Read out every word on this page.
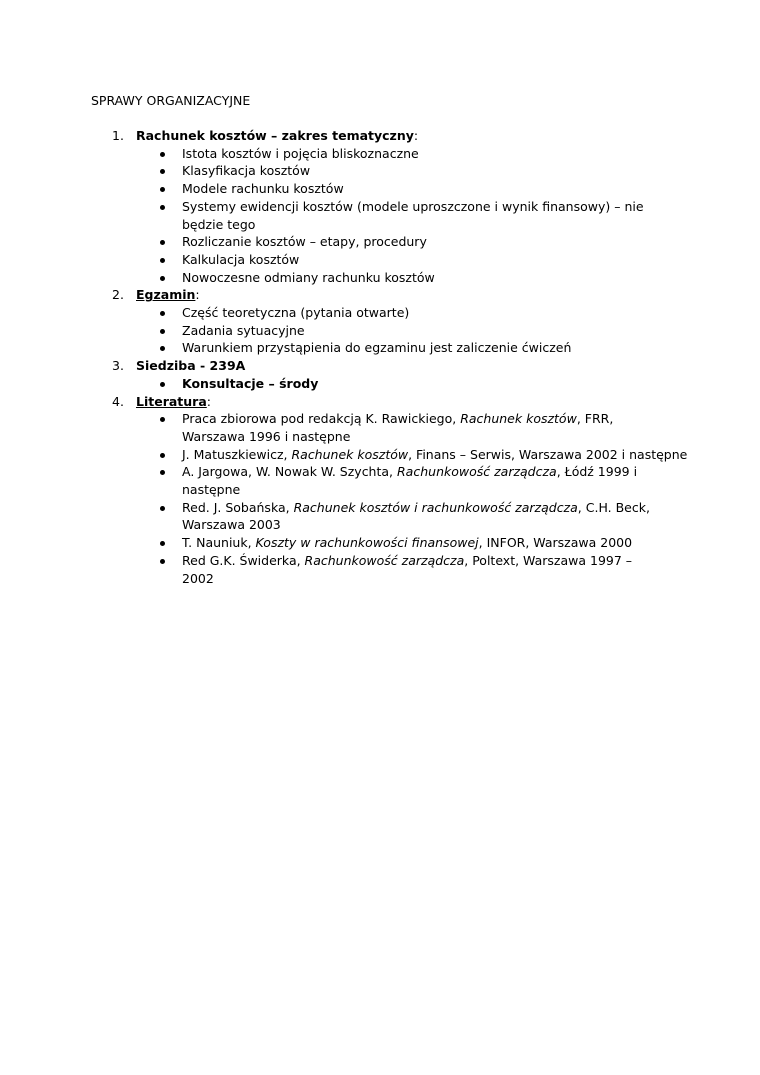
SPRAWY ORGANIZACYJNE
1. Rachunek kosztów – zakres tematyczny:
Istota kosztów i pojęcia bliskoznaczne
Klasyfikacja kosztów
Modele rachunku kosztów
Systemy ewidencji kosztów (modele uproszczone i wynik finansowy) – nie będzie tego
Rozliczanie kosztów – etapy, procedury
Kalkulacja kosztów
Nowoczesne odmiany rachunku kosztów
2. Egzamin:
Część teoretyczna (pytania otwarte)
Zadania sytuacyjne
Warunkiem przystąpienia do egzaminu jest zaliczenie ćwiczeń
3. Siedziba - 239A
Konsultacje – środy
4. Literatura:
Praca zbiorowa pod redakcją K. Rawickiego, Rachunek kosztów, FRR, Warszawa 1996 i następne
J. Matuszkiewicz, Rachunek kosztów, Finans – Serwis, Warszawa 2002 i następne
A. Jargowa, W. Nowak W. Szychta, Rachunkowość zarządcza, Łódź 1999 i następne
Red. J. Sobańska, Rachunek kosztów i rachunkowość zarządcza, C.H. Beck, Warszawa 2003
T. Nauniuk, Koszty w rachunkowości finansowej, INFOR, Warszawa 2000
Red G.K. Świderka, Rachunkowość zarządcza, Poltext, Warszawa 1997 – 2002
